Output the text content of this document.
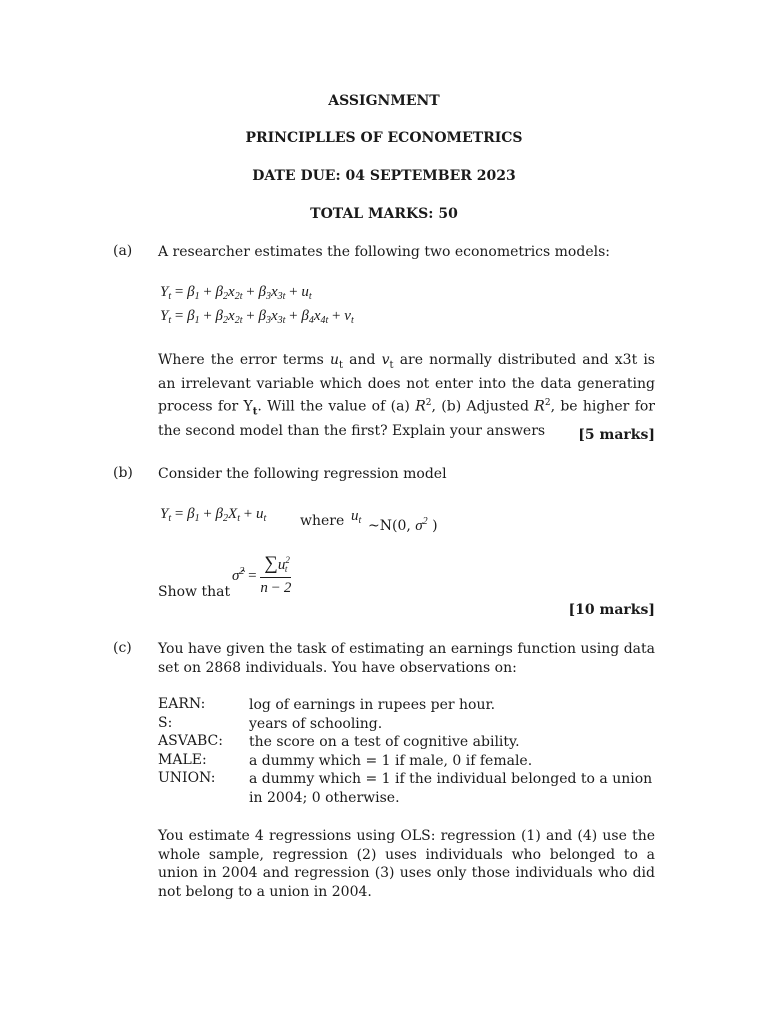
ASSIGNMENT
PRINCIPLLES OF ECONOMETRICS
DATE DUE: 04 SEPTEMBER 2023
TOTAL MARKS: 50
(a) A researcher estimates the following two econometrics models:
$Y_t = \beta_1 + \beta_2x_{2t} + \beta_3x_{3t} + u_t$
$Y_t = \beta_1 + \beta_2x_{2t} + \beta_3x_{3t} + \beta_4x_{4t} + v_t$
Where the error terms $u_t$ and $v_t$ are normally distributed and x3t is an irrelevant variable which does not enter into the data generating process for $Y_t$. Will the value of (a) $R^2$, (b) Adjusted $R^2$, be higher for the second model than the first? Explain your answers	[5 marks]
(b) Consider the following regression model
$Y_t = \beta_1 + \beta_2X_t + u_t$ where $u_t$ ~N(0, $\sigma^2$ )
Show that
σ̂$^2$ = $\frac{\sum u^2_t}{n - 2}$
[10 marks]
(c) You have given the task of estimating an earnings function using data set on 2868 individuals. You have observations on:
EARN:	log of earnings in rupees per hour.
S:	years of schooling.
ASVABC: the score on a test of cognitive ability.
MALE:	a dummy which = 1 if male, 0 if female.
UNION: a dummy which = 1 if the individual belonged to a union in 2004; 0 otherwise.
You estimate 4 regressions using OLS: regression (1) and (4) use the whole sample, regression (2) uses individuals who belonged to a union in 2004 and regression (3) uses only those individuals who did not belong to a union in 2004.
